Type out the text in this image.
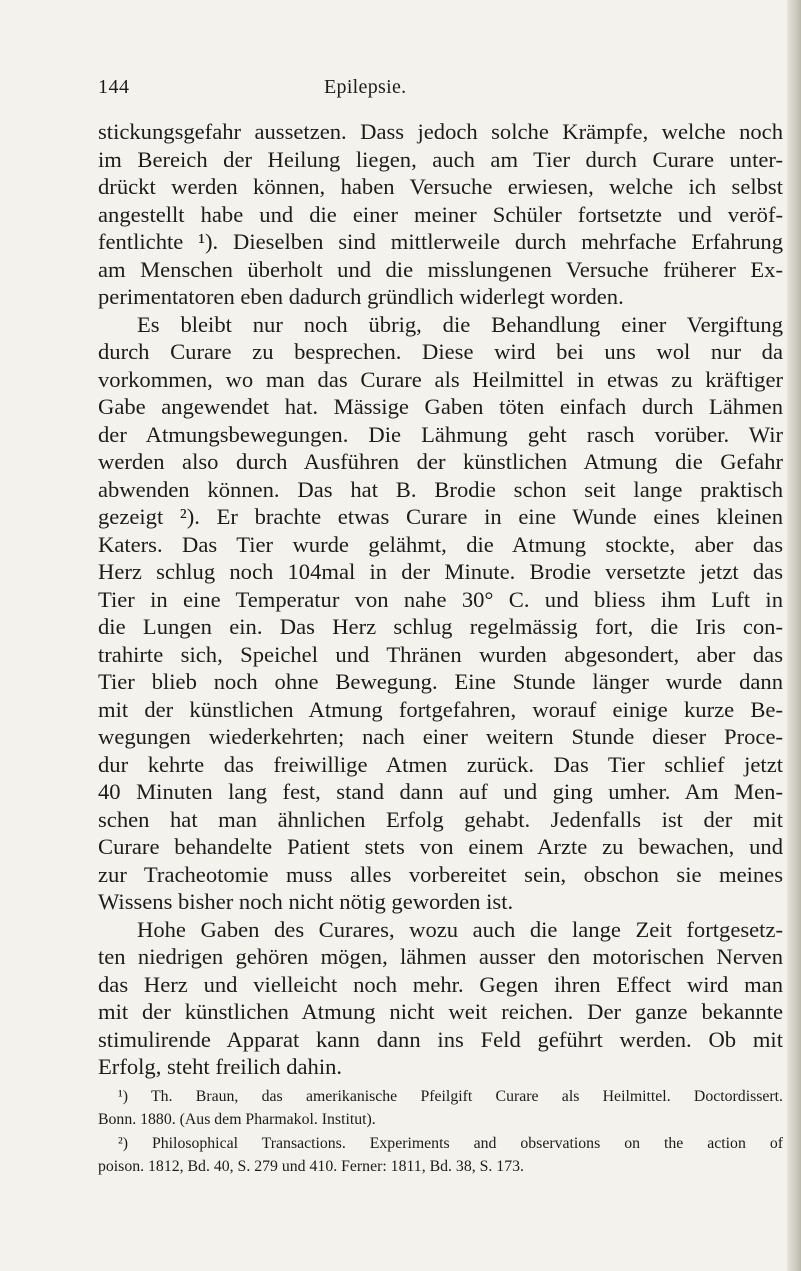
144	Epilepsie.
stickungsgefahr aussetzen. Dass jedoch solche Krämpfe, welche noch
im Bereich der Heilung liegen, auch am Tier durch Curare unter-
drückt werden können, haben Versuche erwiesen, welche ich selbst
angestellt habe und die einer meiner Schüler fortsetzte und veröf-
fentlichte ¹). Dieselben sind mittlerweile durch mehrfache Erfahrung
am Menschen überholt und die misslungenen Versuche früherer Ex-
perimentatoren eben dadurch gründlich widerlegt worden.
Es bleibt nur noch übrig, die Behandlung einer Vergiftung
durch Curare zu besprechen. Diese wird bei uns wol nur da
vorkommen, wo man das Curare als Heilmittel in etwas zu kräftiger
Gabe angewendet hat. Mässige Gaben töten einfach durch Lähmen
der Atmungsbewegungen. Die Lähmung geht rasch vorüber. Wir
werden also durch Ausführen der künstlichen Atmung die Gefahr
abwenden können. Das hat B. Brodie schon seit lange praktisch
gezeigt ²). Er brachte etwas Curare in eine Wunde eines kleinen
Katers. Das Tier wurde gelähmt, die Atmung stockte, aber das
Herz schlug noch 104mal in der Minute. Brodie versetzte jetzt das
Tier in eine Temperatur von nahe 30° C. und bliess ihm Luft in
die Lungen ein. Das Herz schlug regelmässig fort, die Iris con-
trahirte sich, Speichel und Thränen wurden abgesondert, aber das
Tier blieb noch ohne Bewegung. Eine Stunde länger wurde dann
mit der künstlichen Atmung fortgefahren, worauf einige kurze Be-
wegungen wiederkehrten; nach einer weitern Stunde dieser Proce-
dur kehrte das freiwillige Atmen zurück. Das Tier schlief jetzt
40 Minuten lang fest, stand dann auf und ging umher. Am Men-
schen hat man ähnlichen Erfolg gehabt. Jedenfalls ist der mit
Curare behandelte Patient stets von einem Arzte zu bewachen, und
zur Tracheotomie muss alles vorbereitet sein, obschon sie meines
Wissens bisher noch nicht nötig geworden ist.
Hohe Gaben des Curares, wozu auch die lange Zeit fortgesetz-
ten niedrigen gehören mögen, lähmen ausser den motorischen Nerven
das Herz und vielleicht noch mehr. Gegen ihren Effect wird man
mit der künstlichen Atmung nicht weit reichen. Der ganze bekannte
stimulirende Apparat kann dann ins Feld geführt werden. Ob mit
Erfolg, steht freilich dahin.
¹) Th. Braun, das amerikanische Pfeilgift Curare als Heilmittel. Doctordissert.
Bonn. 1880. (Aus dem Pharmakol. Institut).
²) Philosophical Transactions. Experiments and observations on the action of
poison. 1812, Bd. 40, S. 279 und 410. Ferner: 1811, Bd. 38, S. 173.
